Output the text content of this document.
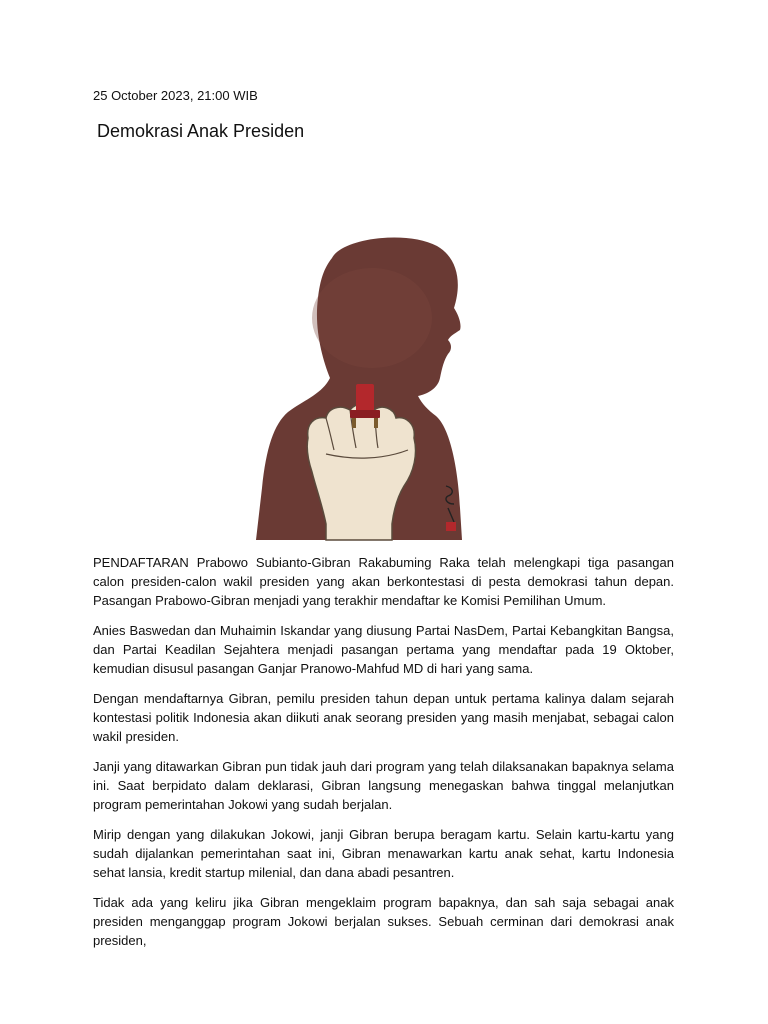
25 October 2023, 21:00 WIB
Demokrasi Anak Presiden

PENDAFTARAN Prabowo Subianto-Gibran Rakabuming Raka telah melengkapi tiga pasangan calon presiden-calon wakil presiden yang akan berkontestasi di pesta demokrasi tahun depan. Pasangan Prabowo-Gibran menjadi yang terakhir mendaftar ke Komisi Pemilihan Umum.

Anies Baswedan dan Muhaimin Iskandar yang diusung Partai NasDem, Partai Kebangkitan Bangsa, dan Partai Keadilan Sejahtera menjadi pasangan pertama yang mendaftar pada 19 Oktober, kemudian disusul pasangan Ganjar Pranowo-Mahfud MD di hari yang sama.

Dengan mendaftarnya Gibran, pemilu presiden tahun depan untuk pertama kalinya dalam sejarah kontestasi politik Indonesia akan diikuti anak seorang presiden yang masih menjabat, sebagai calon wakil presiden.

Janji yang ditawarkan Gibran pun tidak jauh dari program yang telah dilaksanakan bapaknya selama ini. Saat berpidato dalam deklarasi, Gibran langsung menegaskan bahwa tinggal melanjutkan program pemerintahan Jokowi yang sudah berjalan.

Mirip dengan yang dilakukan Jokowi, janji Gibran berupa beragam kartu. Selain kartu-kartu yang sudah dijalankan pemerintahan saat ini, Gibran menawarkan kartu anak sehat, kartu Indonesia sehat lansia, kredit startup milenial, dan dana abadi pesantren.

Tidak ada yang keliru jika Gibran mengeklaim program bapaknya, dan sah saja sebagai anak presiden menganggap program Jokowi berjalan sukses. Sebuah cerminan dari demokrasi anak presiden,
